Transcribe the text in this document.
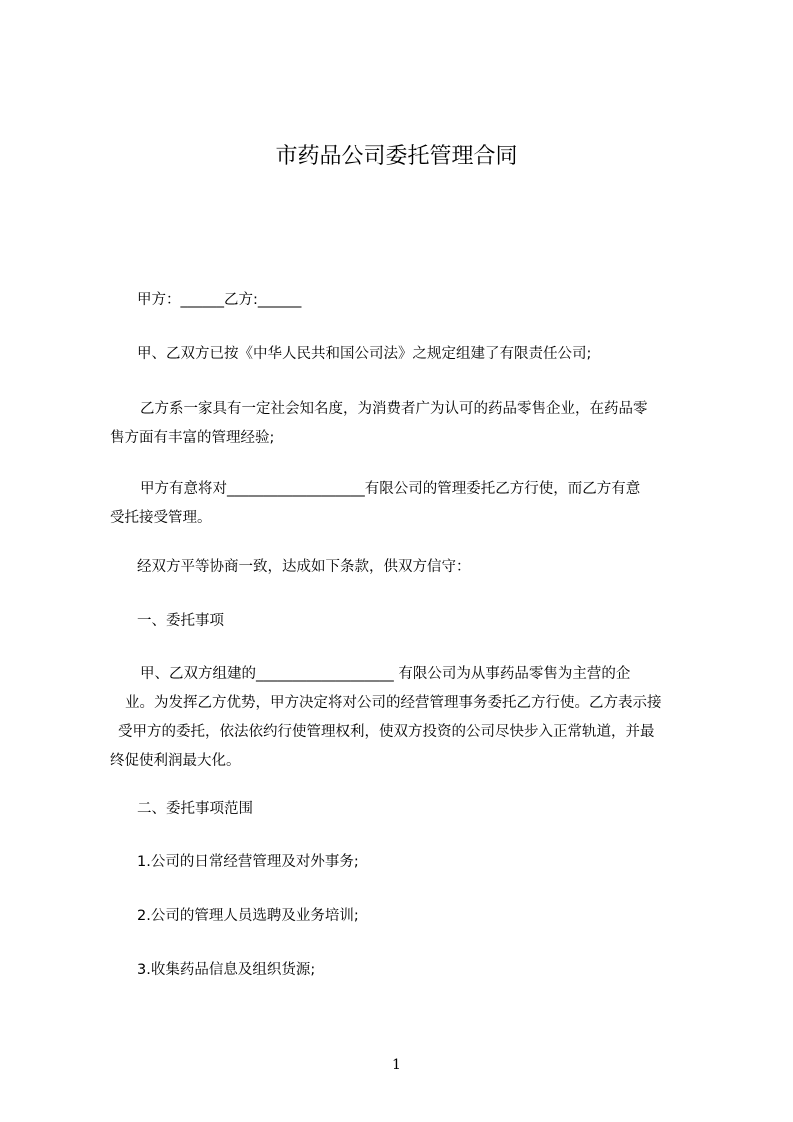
市药品公司委托管理合同

甲方：______乙方:______

甲、乙双方已按《中华人民共和国公司法》之规定组建了有限责任公司;

乙方系一家具有一定社会知名度，为消费者广为认可的药品零售企业，在药品零
售方面有丰富的管理经验;

甲方有意将对___________________有限公司的管理委托乙方行使，而乙方有意
受托接受管理。

经双方平等协商一致，达成如下条款，供双方信守：

一、委托事项

甲、乙双方组建的___________________ 有限公司为从事药品零售为主营的企
业。为发挥乙方优势，甲方决定将对公司的经营管理事务委托乙方行使。乙方表示接
受甲方的委托，依法依约行使管理权利，使双方投资的公司尽快步入正常轨道，并最
终促使利润最大化。

二、委托事项范围

1.公司的日常经营管理及对外事务;

2.公司的管理人员选聘及业务培训;

3.收集药品信息及组织货源;

1
